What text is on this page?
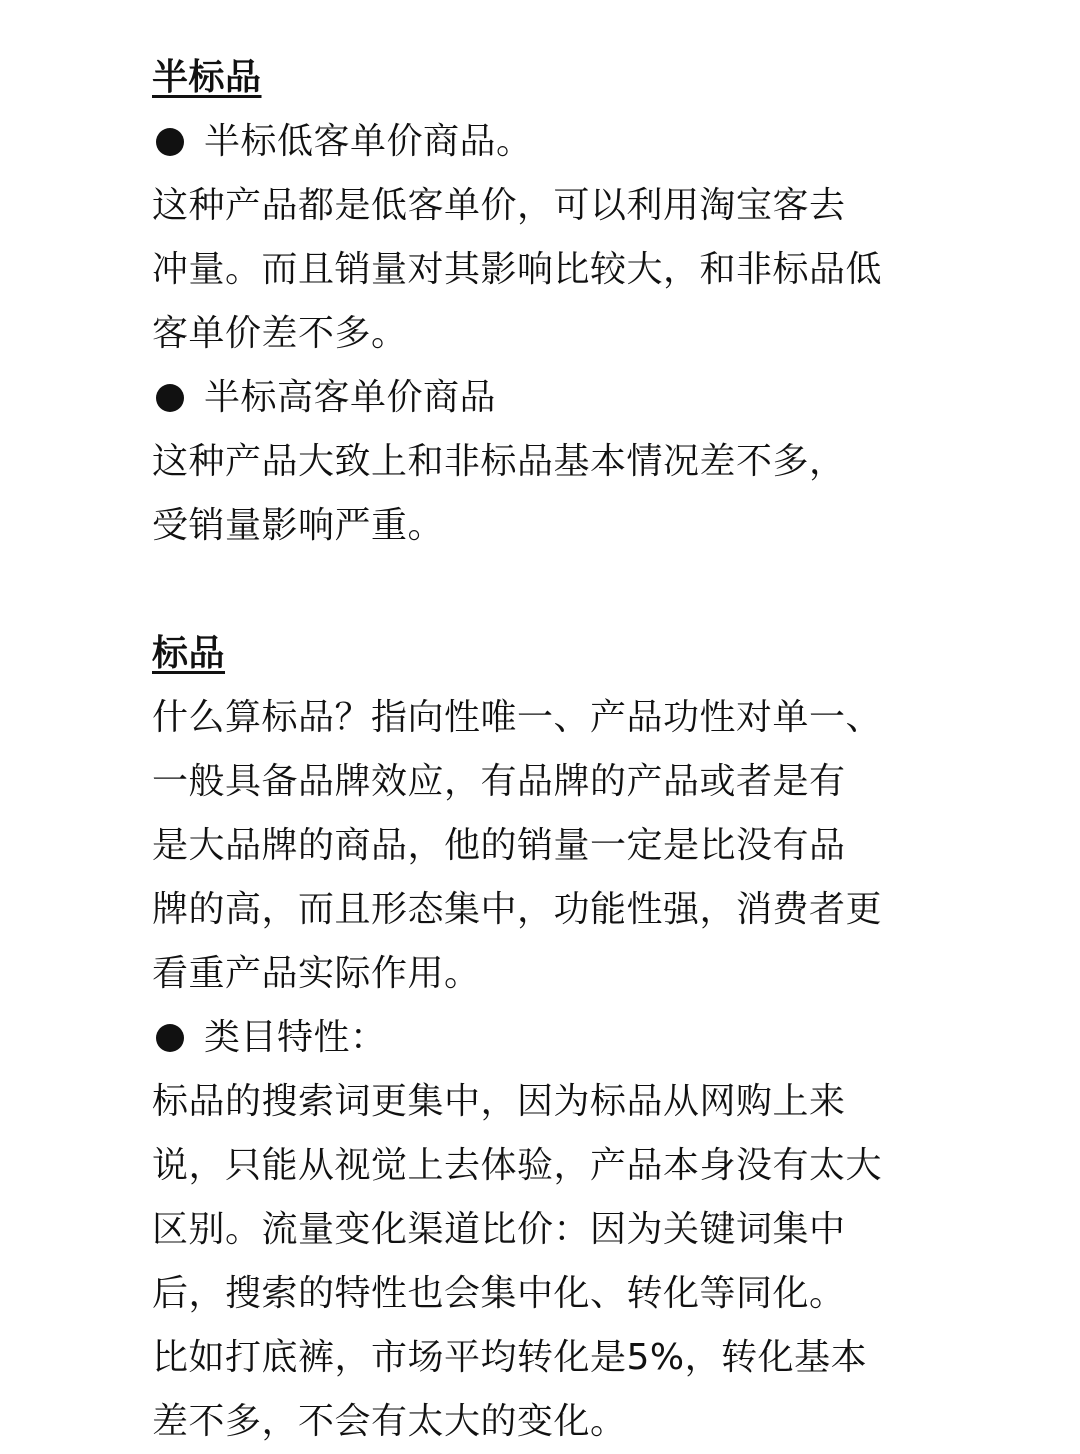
半标品
半标低客单价商品。
这种产品都是低客单价，可以利用淘宝客去
冲量。而且销量对其影响比较大，和非标品低
客单价差不多。
半标高客单价商品
这种产品大致上和非标品基本情况差不多，
受销量影响严重。
标品
什么算标品？指向性唯一、产品功性对单一、
一般具备品牌效应，有品牌的产品或者是有
是大品牌的商品，他的销量一定是比没有品
牌的高，而且形态集中，功能性强，消费者更
看重产品实际作用。
类目特性：
标品的搜索词更集中，因为标品从网购上来
说，只能从视觉上去体验，产品本身没有太大
区别。流量变化渠道比价：因为关键词集中
后，搜索的特性也会集中化、转化等同化。
比如打底裤，市场平均转化是5%，转化基本
差不多，不会有太大的变化。
